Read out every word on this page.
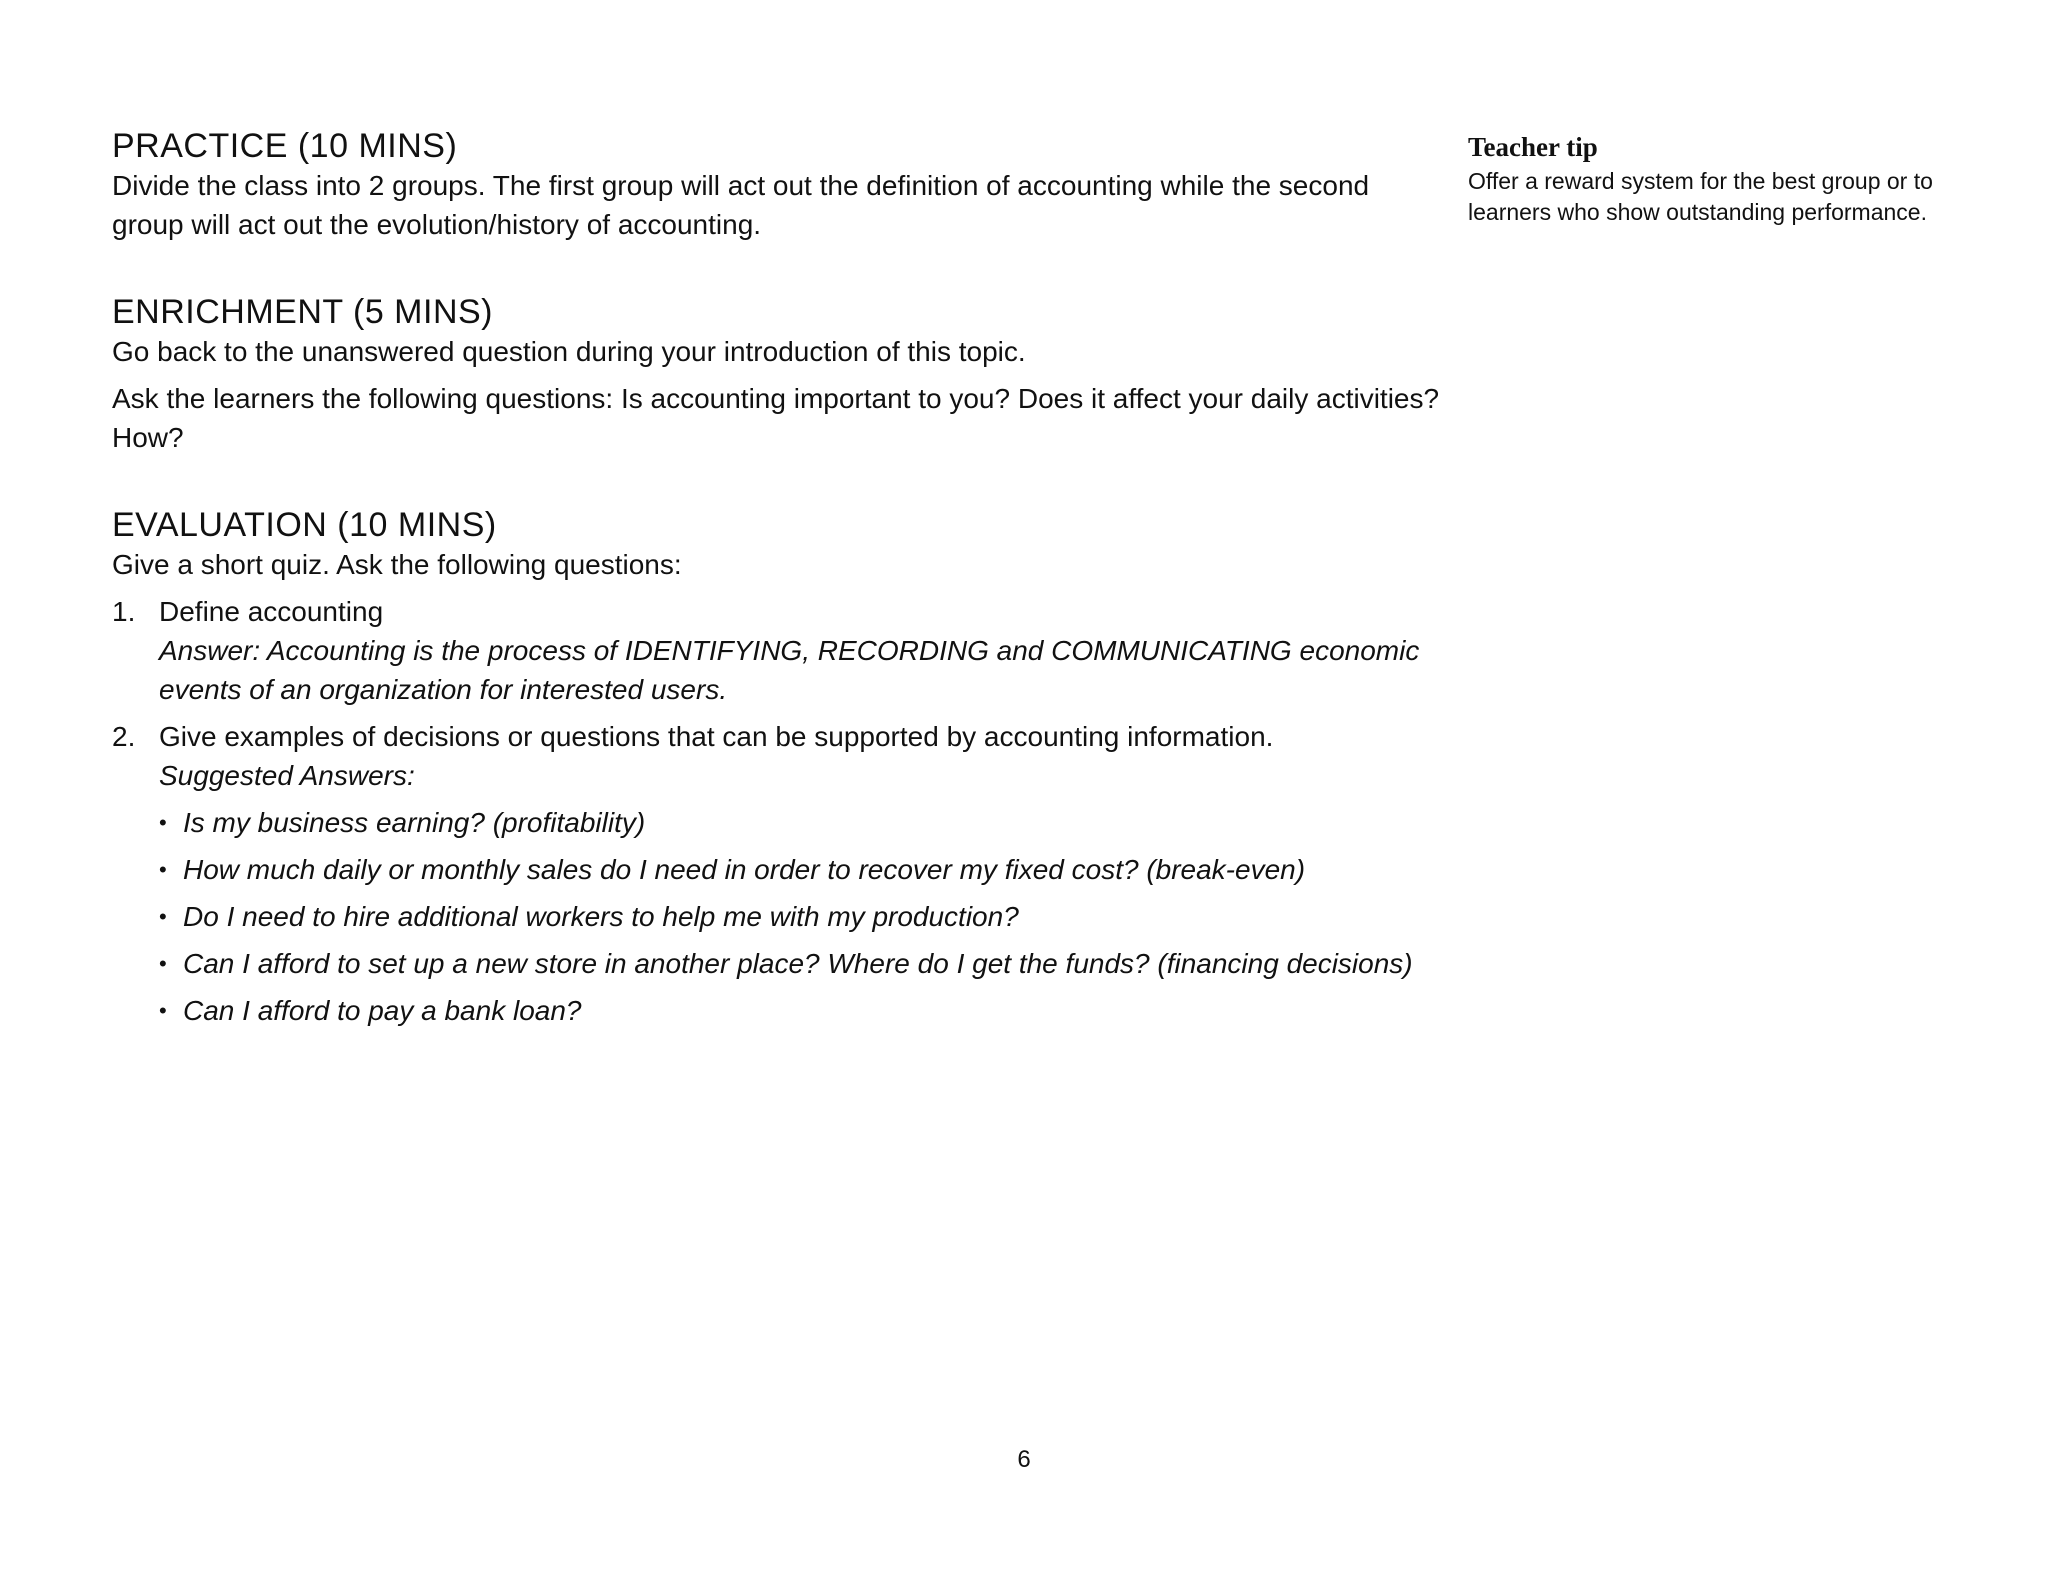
PRACTICE (10 MINS)

Divide the class into 2 groups. The first group will act out the definition of accounting while the second group will act out the evolution/history of accounting.

ENRICHMENT (5 MINS)

Go back to the unanswered question during your introduction of this topic.

Ask the learners the following questions: Is accounting important to you? Does it affect your daily activities? How?

EVALUATION (10 MINS)

Give a short quiz. Ask the following questions:

1. Define accounting
Answer: Accounting is the process of IDENTIFYING, RECORDING and COMMUNICATING economic events of an organization for interested users.
2. Give examples of decisions or questions that can be supported by accounting information.
Suggested Answers:
• Is my business earning? (profitability)
• How much daily or monthly sales do I need in order to recover my fixed cost? (break-even)
• Do I need to hire additional workers to help me with my production?
• Can I afford to set up a new store in another place? Where do I get the funds? (financing decisions)
• Can I afford to pay a bank loan?
Teacher tip

Offer a reward system for the best group or to learners who show outstanding performance.

6
